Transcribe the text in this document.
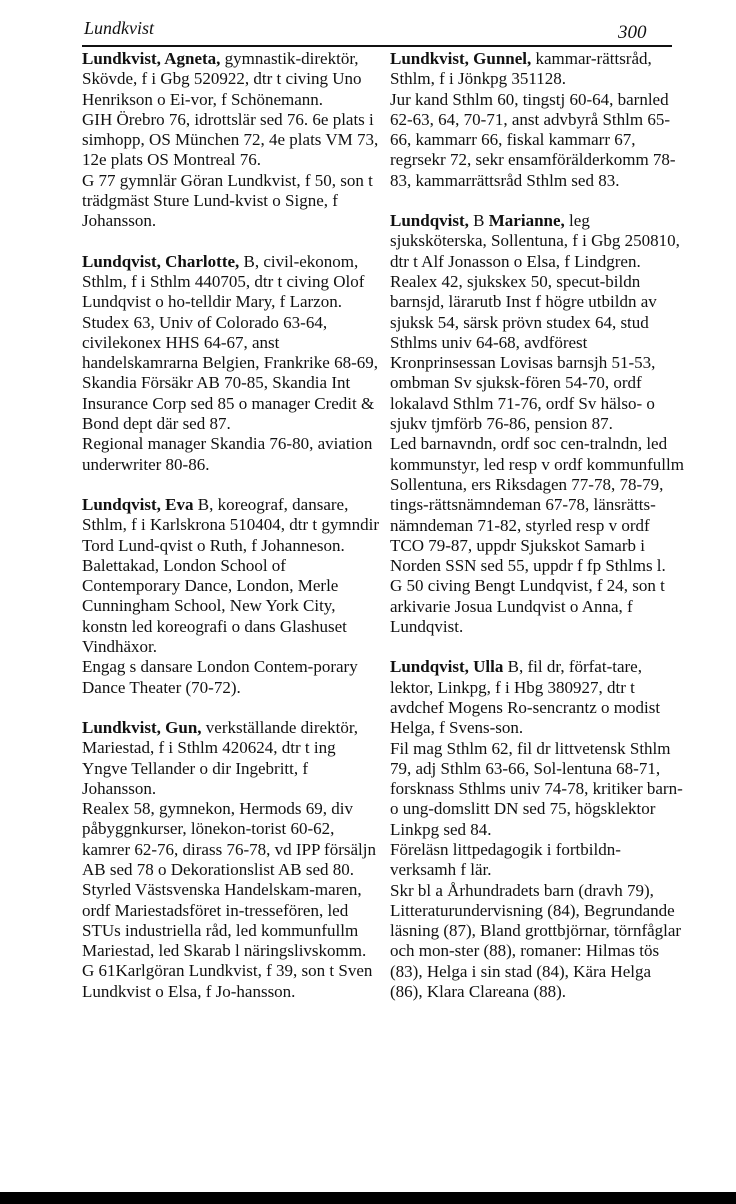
Lundkvist	300

Lundkvist, Agneta, gymnastik-direktör, Skövde, f i Gbg 520922, dtr t civing Uno Henrikson o Ei-vor, f Schönemann.

GIH Örebro 76, idrottslär sed 76. 6e plats i simhopp, OS München 72, 4e plats VM 73, 12e plats OS Montreal 76.

G 77 gymnlär Göran Lundkvist, f 50, son t trädgmäst Sture Lund-kvist o Signe, f Johansson.

Lundqvist, Charlotte, B, civil-ekonom, Sthlm, f i Sthlm 440705, dtr t civing Olof Lundqvist o ho-telldir Mary, f Larzon.

Studex 63, Univ of Colorado 63-64, civilekonex HHS 64-67, anst handelskamrarna Belgien, Frankrike 68-69, Skandia Försäkr AB 70-85, Skandia Int Insurance Corp sed 85 o manager Credit & Bond dept där sed 87.

Regional manager Skandia 76-80, aviation underwriter 80-86.

Lundqvist, Eva B, koreograf, dansare, Sthlm, f i Karlskrona 510404, dtr t gymndir Tord Lund-qvist o Ruth, f Johanneson.

Balettakad, London School of Contemporary Dance, London, Merle Cunningham School, New York City, konstn led koreografi o dans Glashuset Vindhäxor.

Engag s dansare London Contem-porary Dance Theater (70-72).

Lundkvist, Gun, verkställande direktör, Mariestad, f i Sthlm 420624, dtr t ing Yngve Tellander o dir Ingebritt, f Johansson.

Realex 58, gymnekon, Hermods 69, div påbyggnkurser, lönekon-torist 60-62, kamrer 62-76, dirass 76-78, vd IPP försäljn AB sed 78 o Dekorationslist AB sed 80.

Styrled Västsvenska Handelskam-maren, ordf Mariestadsföret in-tressefören, led STUs industriella råd, led kommunfullm Mariestad, led Skarab l näringslivskomm.

G 61Karlgöran Lundkvist, f 39, son t Sven Lundkvist o Elsa, f Jo-hansson.

Lundkvist, Gunnel, kammar-rättsråd, Sthlm, f i Jönkpg 351128.

Jur kand Sthlm 60, tingstj 60-64, barnled 62-63, 64, 70-71, anst advbyrå Sthlm 65-66, kammarr 66, fiskal kammarr 67, regrsekr 72, sekr ensamförälderkomm 78-83, kammarrättsråd Sthlm sed 83.

Lundqvist, B Marianne, leg sjuksköterska, Sollentuna, f i Gbg 250810, dtr t Alf Jonasson o Elsa, f Lindgren.

Realex 42, sjukskex 50, specut-bildn barnsjd, lärarutb Inst f högre utbildn av sjuksk 54, särsk prövn studex 64, stud Sthlms univ 64-68, avdförest Kronprinsessan Lovisas barnsjh 51-53, ombman Sv sjuksk-fören 54-70, ordf lokalavd Sthlm 71-76, ordf Sv hälso- o sjukv tjmförb 76-86, pension 87.

Led barnavndn, ordf soc cen-tralndn, led kommunstyr, led resp v ordf kommunfullm Sollentuna, ers Riksdagen 77-78, 78-79, tings-rättsnämndeman 67-78, länsrätts-nämndeman 71-82, styrled resp v ordf TCO 79-87, uppdr Sjukskot Samarb i Norden SSN sed 55, uppdr f fp Sthlms l.

G 50 civing Bengt Lundqvist, f 24, son t arkivarie Josua Lundqvist o Anna, f Lundqvist.

Lundqvist, Ulla B, fil dr, förfat-tare, lektor, Linkpg, f i Hbg 380927, dtr t avdchef Mogens Ro-sencrantz o modist Helga, f Svens-son.

Fil mag Sthlm 62, fil dr littvetensk Sthlm 79, adj Sthlm 63-66, Sol-lentuna 68-71, forsknass Sthlms univ 74-78, kritiker barn- o ung-domslitt DN sed 75, högsklektor Linkpg sed 84.

Föreläsn littpedagogik i fortbildn-verksamh f lär.

Skr bl a Århundradets barn (dravh 79), Litteraturundervisning (84), Begrundande läsning (87), Bland grottbjörnar, törnfåglar och mon-ster (88), romaner: Hilmas tös (83), Helga i sin stad (84), Kära Helga (86), Klara Clareana (88).
